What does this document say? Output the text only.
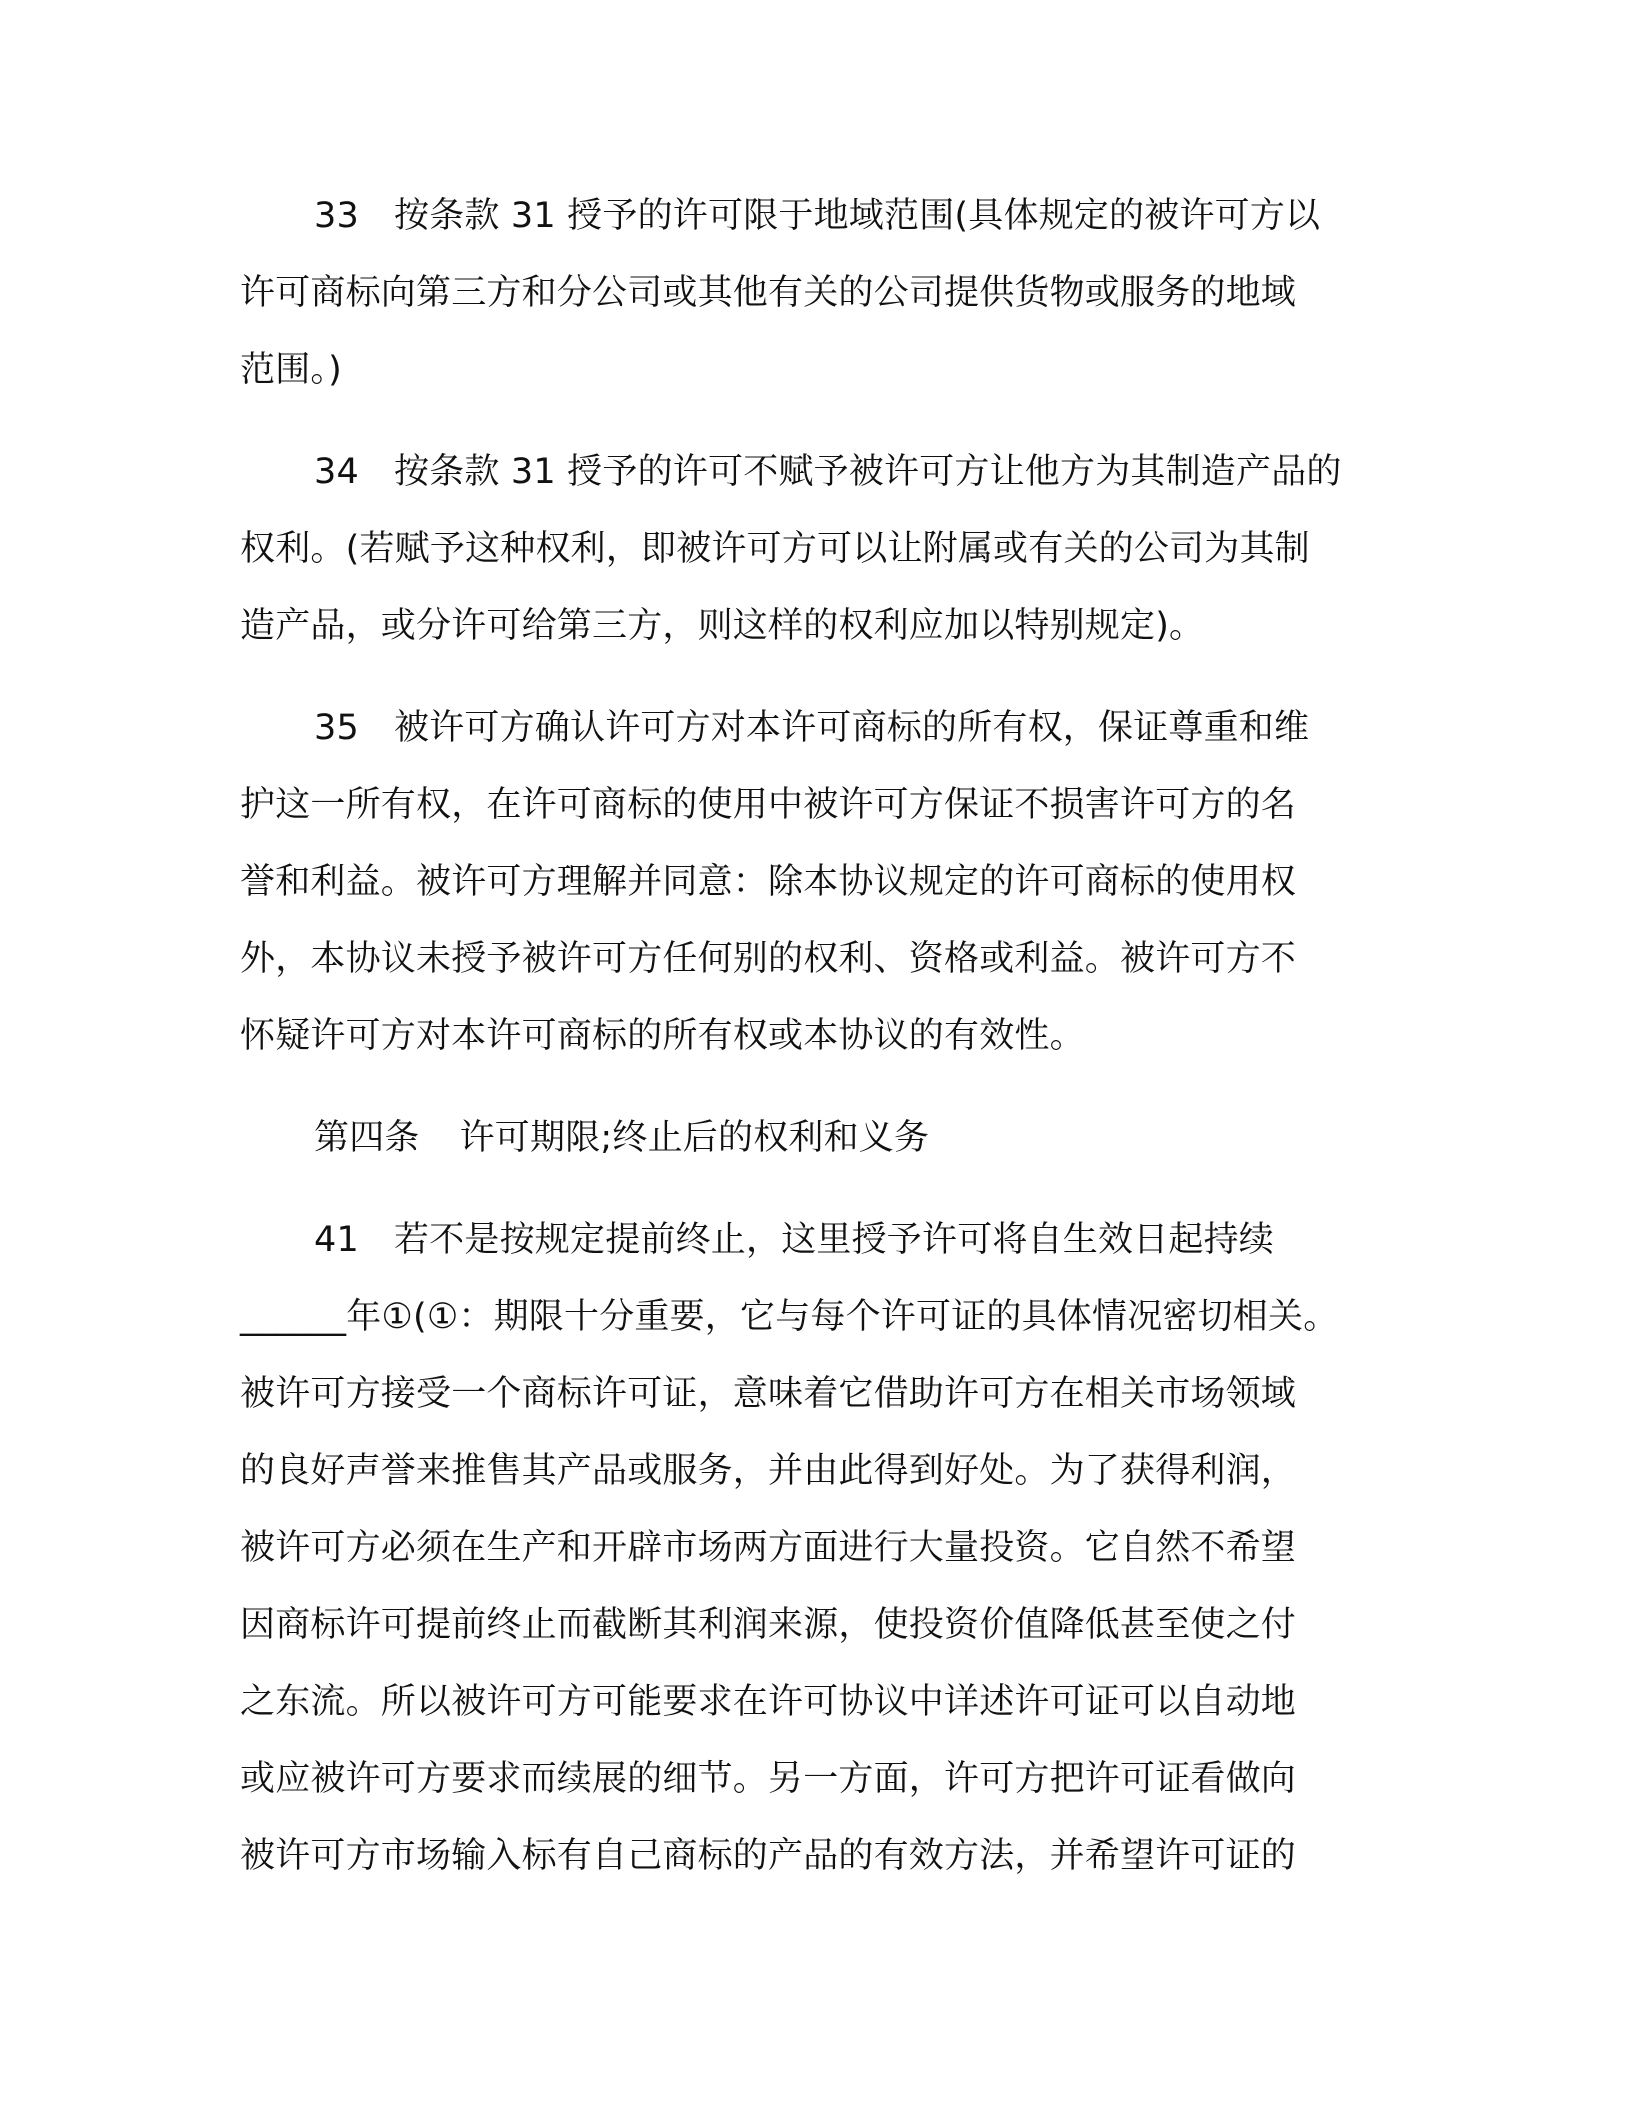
33 按条款 31 授予的许可限于地域范围(具体规定的被许可方以
许可商标向第三方和分公司或其他有关的公司提供货物或服务的地域
范围。)
34 按条款 31 授予的许可不赋予被许可方让他方为其制造产品的
权利。(若赋予这种权利，即被许可方可以让附属或有关的公司为其制
造产品，或分许可给第三方，则这样的权利应加以特别规定)。
35 被许可方确认许可方对本许可商标的所有权，保证尊重和维
护这一所有权，在许可商标的使用中被许可方保证不损害许可方的名
誉和利益。被许可方理解并同意：除本协议规定的许可商标的使用权
外，本协议未授予被许可方任何别的权利、资格或利益。被许可方不
怀疑许可方对本许可商标的所有权或本协议的有效性。
第四条 许可期限;终止后的权利和义务
41 若不是按规定提前终止，这里授予许可将自生效日起持续
______年①(①：期限十分重要，它与每个许可证的具体情况密切相关。
被许可方接受一个商标许可证，意味着它借助许可方在相关市场领域
的良好声誉来推售其产品或服务，并由此得到好处。为了获得利润，
被许可方必须在生产和开辟市场两方面进行大量投资。它自然不希望
因商标许可提前终止而截断其利润来源，使投资价值降低甚至使之付
之东流。所以被许可方可能要求在许可协议中详述许可证可以自动地
或应被许可方要求而续展的细节。另一方面，许可方把许可证看做向
被许可方市场输入标有自己商标的产品的有效方法，并希望许可证的
